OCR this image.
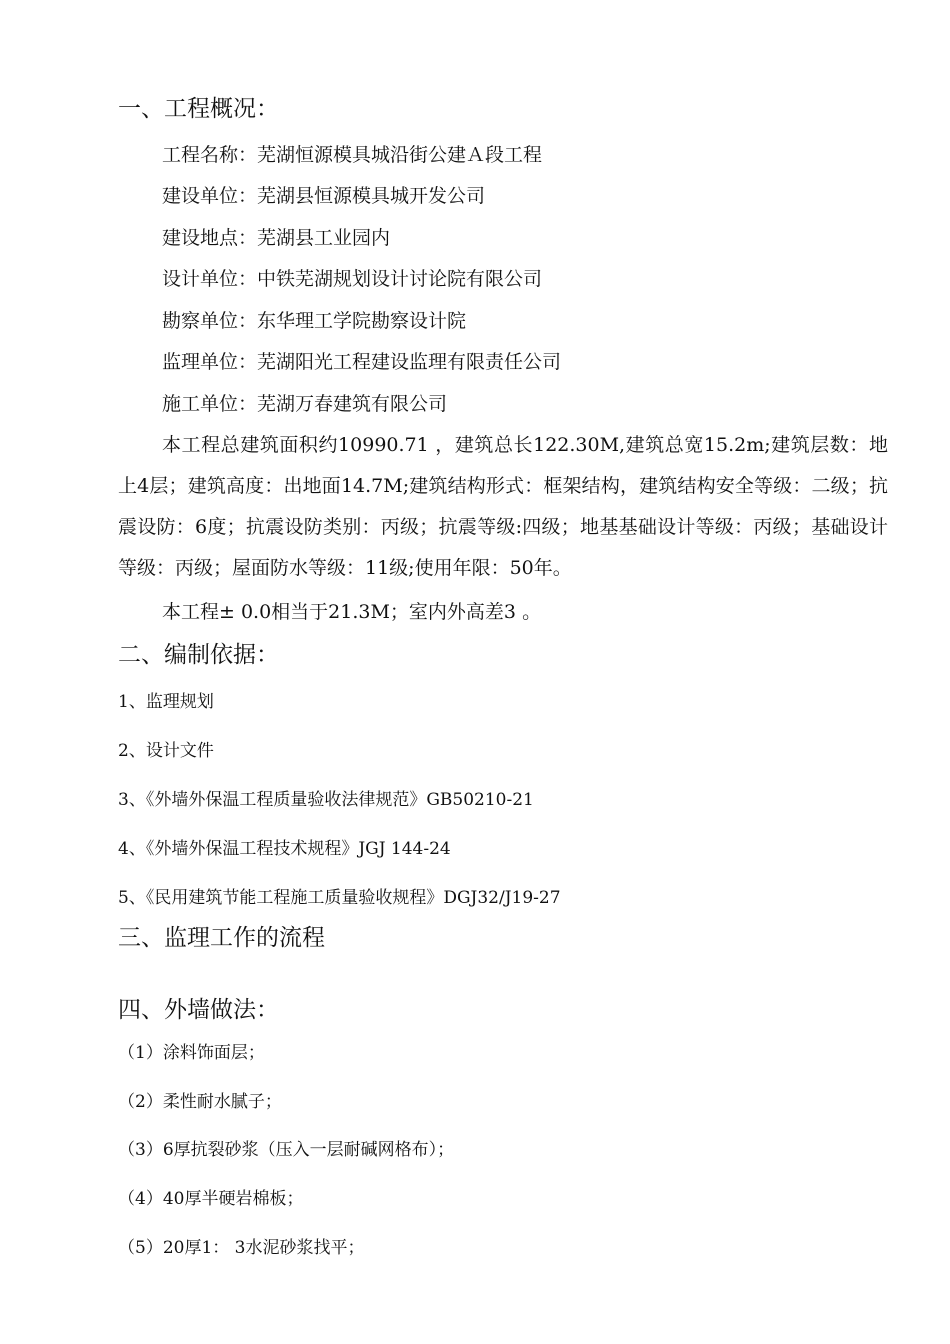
一、工程概况：
工程名称：芜湖恒源模具城沿街公建Ａ段工程
建设单位：芜湖县恒源模具城开发公司
建设地点：芜湖县工业园内
设计单位：中铁芜湖规划设计讨论院有限公司
勘察单位：东华理工学院勘察设计院
监理单位：芜湖阳光工程建设监理有限责任公司
施工单位：芜湖万春建筑有限公司
本工程总建筑面积约10990.71 ，建筑总长122.30M,建筑总宽15.2m;建筑层数：地上4层；建筑高度：出地面14.7M;建筑结构形式：框架结构，建筑结构安全等级：二级；抗震设防：6度；抗震设防类别：丙级；抗震等级:四级；地基基础设计等级：丙级；基础设计等级：丙级；屋面防水等级：11级;使用年限：50年。
本工程± 0.0相当于21.3M；室内外高差3 。
二、编制依据：
1、监理规划
2、设计文件
3、《外墙外保温工程质量验收法律规范》GB50210-21
4、《外墙外保温工程技术规程》JGJ 144-24
5、《民用建筑节能工程施工质量验收规程》DGJ32/J19-27
三、监理工作的流程
四、外墙做法：
（1）涂料饰面层；
（2）柔性耐水腻子；
（3）6厚抗裂砂浆（压入一层耐碱网格布）；
（4）40厚半硬岩棉板；
（5）20厚1： 3水泥砂浆找平；
